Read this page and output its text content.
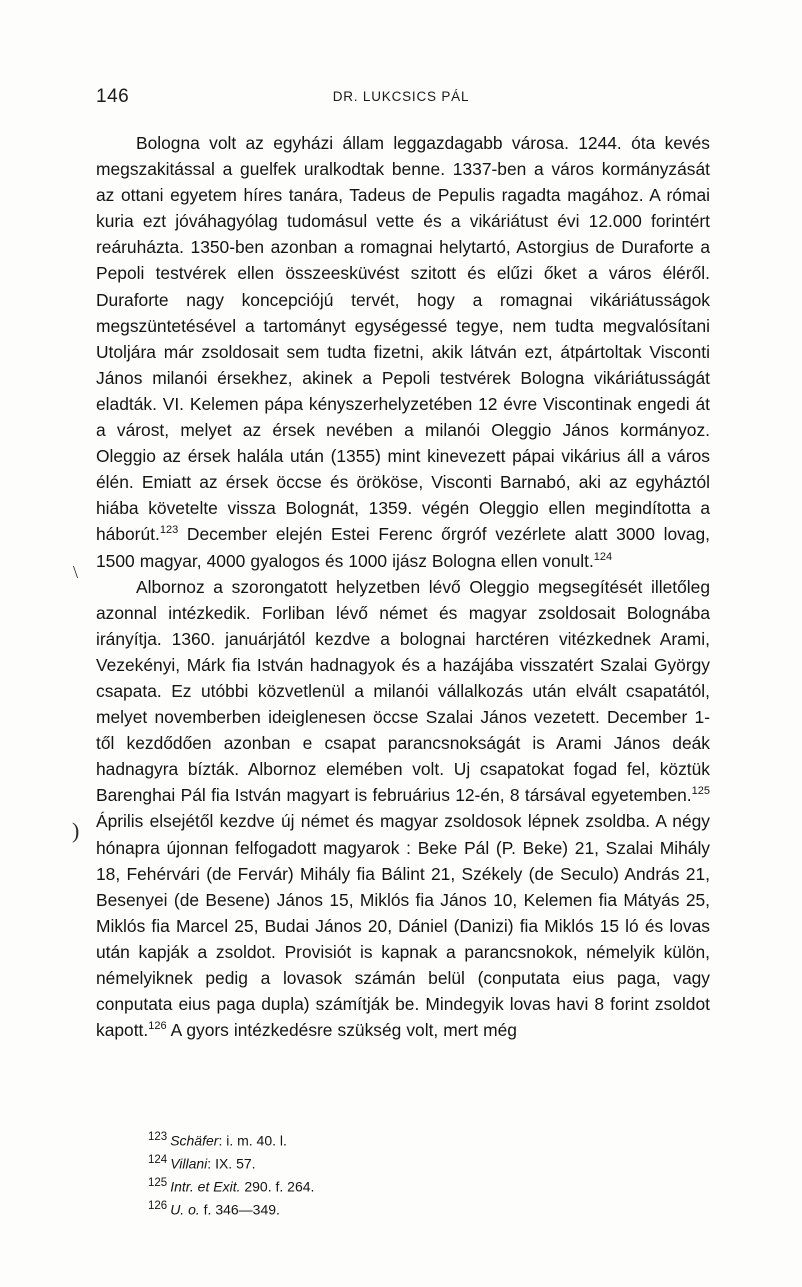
146	DR. LUKCSICS PÁL

Bologna volt az egyházi állam leggazdagabb városa. 1244. óta kevés megszakitással a guelfek uralkodtak benne. 1337-ben a város kormányzását az ottani egyetem híres tanára, Tadeus de Pepulis ragadta magához. A római kuria ezt jóváhagyólag tudomásul vette és a vikáriátust évi 12.000 forintért reáruházta. 1350-ben azonban a romagnai helytartó, Astorgius de Duraforte a Pepoli testvérek ellen összeesküvést szitott és elűzi őket a város éléről. Duraforte nagy koncepciójú tervét, hogy a romagnai vikáriátusságok megszüntetésével a tartományt egységessé tegye, nem tudta megvalósítani Utoljára már zsoldosait sem tudta fizetni, akik látván ezt, átpártoltak Visconti János milanói érsekhez, akinek a Pepoli testvérek Bologna vikáriátusságát eladták. VI. Kelemen pápa kényszerhelyzetében 12 évre Viscontinak engedi át a várost, melyet az érsek nevében a milanói Oleggio János kormányoz. Oleggio az érsek halála után (1355) mint kinevezett pápai vikárius áll a város élén. Emiatt az érsek öccse és örököse, Visconti Barnabó, aki az egyháztól hiába követelte vissza Bolognát, 1359. végén Oleggio ellen megindította a háborút.$^{123}$ December elején Estei Ferenc őrgróf vezérlete alatt 3000 lovag, 1500 magyar, 4000 gyalogos és 1000 ijász Bologna ellen vonult.$^{124}$

Albornoz a szorongatott helyzetben lévő Oleggio megsegítését illetőleg azonnal intézkedik. Forliban lévő német és magyar zsoldosait Bolognába irányítja. 1360. januárjától kezdve a bolognai harctéren vitézkednek Arami, Vezekényi, Márk fia István hadnagyok és a hazájába visszatért Szalai György csapata. Ez utóbbi közvetlenül a milanói vállalkozás után elvált csapatától, melyet novemberben ideiglenesen öccse Szalai János vezetett. December 1-től kezdődően azonban e csapat parancsnokságát is Arami János deák hadnagyra bízták. Albornoz elemében volt. Uj csapatokat fogad fel, köztük Barenghai Pál fia István magyart is februárius 12-én, 8 társával egyetemben.$^{125}$ Április elsejétől kezdve új német és magyar zsoldosok lépnek zsoldba. A négy hónapra újonnan felfogadott magyarok : Beke Pál (P. Beke) 21, Szalai Mihály 18, Fehérvári (de Fervár) Mihály fia Bálint 21, Székely (de Seculo) András 21, Besenyei (de Besene) János 15, Miklós fia János 10, Kelemen fia Mátyás 25, Miklós fia Marcel 25, Budai János 20, Dániel (Danizi) fia Miklós 15 ló és lovas után kapják a zsoldot. Provisiót is kapnak a parancsnokok, némelyik külön, némelyiknek pedig a lovasok számán belül (conputata eius paga, vagy conputata eius paga dupla) számítják be. Mindegyik lovas havi 8 forint zsoldot kapott.$^{126}$ A gyors intézkedésre szükség volt, mert még

\
)
$^{123}$ Schäfer: i. m. 40. l.
$^{124}$ Villani: IX. 57.
$^{125}$ Intr. et Exit. 290. f. 264.
$^{126}$ U. o. f. 346—349.
